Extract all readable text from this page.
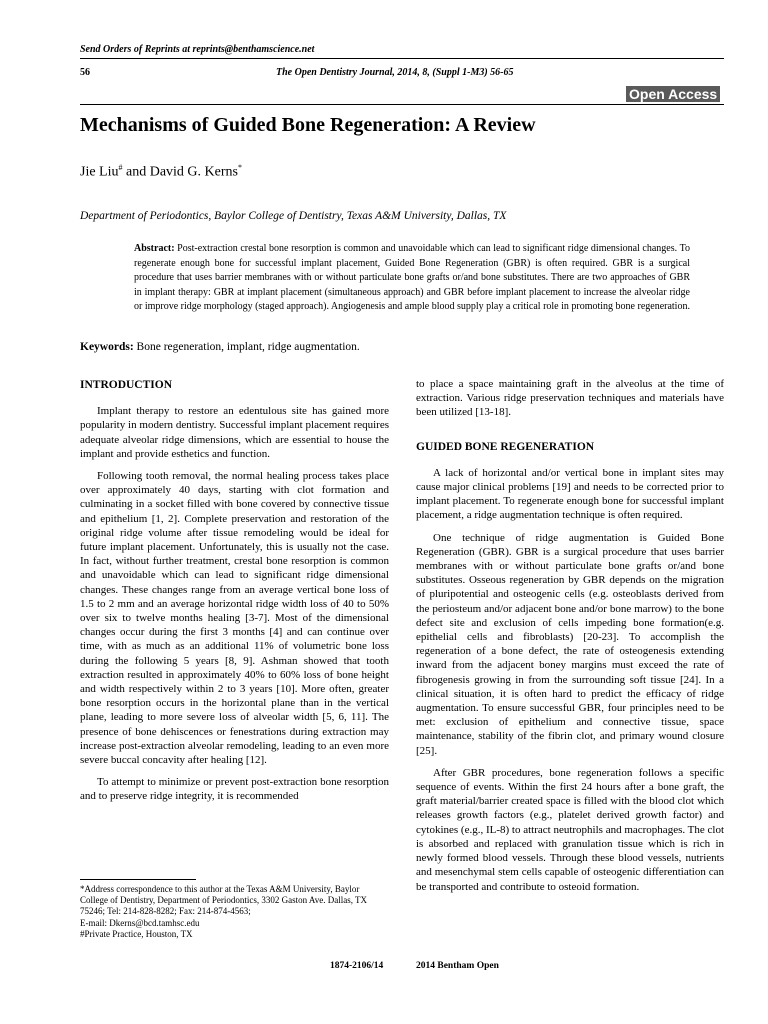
Send Orders of Reprints at reprints@benthamscience.net
56	The Open Dentistry Journal, 2014, 8, (Suppl 1-M3) 56-65
Open Access
Mechanisms of Guided Bone Regeneration: A Review
Jie Liu# and David G. Kerns*
Department of Periodontics, Baylor College of Dentistry, Texas A&M University, Dallas, TX
Abstract: Post-extraction crestal bone resorption is common and unavoidable which can lead to significant ridge dimensional changes. To regenerate enough bone for successful implant placement, Guided Bone Regeneration (GBR) is often required. GBR is a surgical procedure that uses barrier membranes with or without particulate bone grafts or/and bone substitutes. There are two approaches of GBR in implant therapy: GBR at implant placement (simultaneous approach) and GBR before implant placement to increase the alveolar ridge or improve ridge morphology (staged approach). Angiogenesis and ample blood supply play a critical role in promoting bone regeneration.
Keywords: Bone regeneration, implant, ridge augmentation.
INTRODUCTION

Implant therapy to restore an edentulous site has gained more popularity in modern dentistry. Successful implant placement requires adequate alveolar ridge dimensions, which are essential to house the implant and provide esthetics and function.

Following tooth removal, the normal healing process takes place over approximately 40 days, starting with clot formation and culminating in a socket filled with bone covered by connective tissue and epithelium [1, 2]. Complete preservation and restoration of the original ridge volume after tissue remodeling would be ideal for future implant placement. Unfortunately, this is usually not the case. In fact, without further treatment, crestal bone resorption is common and unavoidable which can lead to significant ridge dimensional changes. These changes range from an average vertical bone loss of 1.5 to 2 mm and an average horizontal ridge width loss of 40 to 50% over six to twelve months healing [3-7]. Most of the dimensional changes occur during the first 3 months [4] and can continue over time, with as much as an additional 11% of volumetric bone loss during the following 5 years [8, 9]. Ashman showed that tooth extraction resulted in approximately 40% to 60% loss of bone height and width respectively within 2 to 3 years [10]. More often, greater bone resorption occurs in the horizontal plane than in the vertical plane, leading to more severe loss of alveolar width [5, 6, 11]. The presence of bone dehiscences or fenestrations during extraction may increase post-extraction alveolar remodeling, leading to an even more severe buccal concavity after healing [12].

To attempt to minimize or prevent post-extraction bone resorption and to preserve ridge integrity, it is recommended

to place a space maintaining graft in the alveolus at the time of extraction. Various ridge preservation techniques and materials have been utilized [13-18].

GUIDED BONE REGENERATION

A lack of horizontal and/or vertical bone in implant sites may cause major clinical problems [19] and needs to be corrected prior to implant placement. To regenerate enough bone for successful implant placement, a ridge augmentation technique is often required.

One technique of ridge augmentation is Guided Bone Regeneration (GBR). GBR is a surgical procedure that uses barrier membranes with or without particulate bone grafts or/and bone substitutes. Osseous regeneration by GBR depends on the migration of pluripotential and osteogenic cells (e.g. osteoblasts derived from the periosteum and/or adjacent bone and/or bone marrow) to the bone defect site and exclusion of cells impeding bone formation(e.g. epithelial cells and fibroblasts) [20-23]. To accomplish the regeneration of a bone defect, the rate of osteogenesis extending inward from the adjacent boney margins must exceed the rate of fibrogenesis growing in from the surrounding soft tissue [24]. In a clinical situation, it is often hard to predict the efficacy of ridge augmentation. To ensure successful GBR, four principles need to be met: exclusion of epithelium and connective tissue, space maintenance, stability of the fibrin clot, and primary wound closure [25].

After GBR procedures, bone regeneration follows a specific sequence of events. Within the first 24 hours after a bone graft, the graft material/barrier created space is filled with the blood clot which releases growth factors (e.g., platelet derived growth factor) and cytokines (e.g., IL-8) to attract neutrophils and macrophages. The clot is absorbed and replaced with granulation tissue which is rich in newly formed blood vessels. Through these blood vessels, nutrients and mesenchymal stem cells capable of osteogenic differentiation can be transported and contribute to osteoid formation.

*Address correspondence to this author at the Texas A&M University, Baylor College of Dentistry, Department of Periodontics, 3302 Gaston Ave. Dallas, TX 75246; Tel: 214-828-8282; Fax: 214-874-4563;
E-mail: Dkerns@bcd.tamhsc.edu
#Private Practice, Houston, TX
1874-2106/14	2014 Bentham Open
